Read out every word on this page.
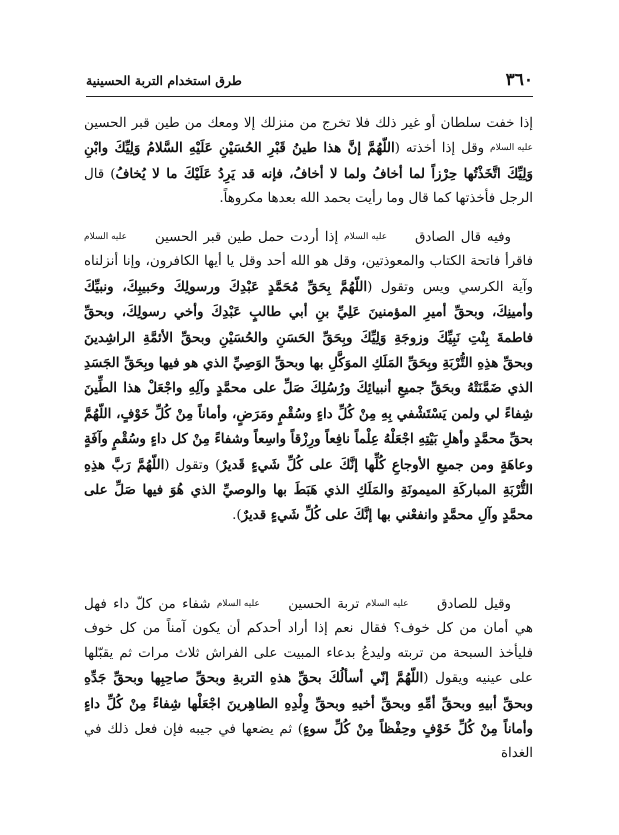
٣٦٠
طرق استخدام التربة الحسينية

إذا خفت سلطان أو غير ذلك فلا تخرج من منزلك إلا ومعك من طين قبر الحسين عليه السلام وقل إذا أخذته (اللّهُمَّ إنَّ هذا طينُ قَبْرِ الحُسَيْنِ عَلَيْهِ السَّلامُ وَلِيِّكَ وابْنِ وَلِيِّكَ اتَّخَذْتُها حِرْزاً لما أخافُ ولما لا أخافُ، فإنه قد يَرِدُ عَلَيْكَ ما لا يُخافُ) قال الرجل فأخذتها كما قال وما رأيت بحمد الله بعدها مكروهاً.

وفيه قال الصادق عليه السلام إذا أردت حمل طين قبر الحسين عليه السلام فاقرأ فاتحة الكتاب والمعوذتين، وقل هو الله أحد وقل يا أيها الكافرون، وإنا أنزلناه وآية الكرسي ويس وتقول (اللّهُمَّ بِحَقِّ مُحَمَّدٍ عَبْدِكَ ورسولِكَ وحَبيبِكَ، ونبيِّكَ وأمينِكَ، وبحقِّ أميرِ المؤمنينَ عَلِيِّ بنِ أبي طالبٍ عَبْدِكَ وأخي رسولِكَ، وبحقِّ فاطمةَ بِنْتِ نَبِيِّكَ وزوجَةِ وَلِيِّكَ وبِحَقِّ الحَسَنِ والحُسَيْنِ وبحقِّ الأئمَّةِ الراشِدينَ وبحقِّ هذِهِ التُّرْبَةِ وبِحَقِّ المَلَكِ الموَكَّلِ بها وبحقِّ الوَصِيِّ الذي هو فيها وبِحَقِّ الجَسَدِ الذي ضَمَّنَتْهُ وبحَقِّ جميعِ أنبيائِكَ ورُسُلِكَ صَلِّ على محمَّدٍ وآلِهِ واجْعَلْ هذا الطِّينَ شِفاءً لي ولمن يَسْتَشْفي بِهِ مِنْ كُلِّ داءٍ وسُقْمٍ ومَرَضٍ، وأماناً مِنْ كُلِّ خَوْفٍ، اللّهُمَّ بحقِّ محمَّدٍ وأهلِ بَيْتِهِ اجْعَلْهُ عِلْماً نافِعاً ورِزْقاً واسِعاً وشفاءً مِنْ كل داءٍ وسُقْمٍ وآفَةٍ وعاهَةٍ ومن جميعِ الأوجاعِ كُلِّها إنَّكَ على كُلِّ شَيءٍ قَديرٌ) وتقول (اللّهُمَّ رَبَّ هذِهِ التُّرْبَةِ المباركَةِ الميمونَةِ والمَلَكِ الذي هَبَطَ بها والوصيِّ الذي هُوَ فيها صَلِّ على محمَّدٍ وآلِ محمَّدٍ وانفعْني بها إنَّكَ على كُلِّ شَيءٍ قديرٌ).

وقيل للصادق عليه السلام تربة الحسين عليه السلام شفاء من كلّ داء فهل هي أمان من كل خوف؟ فقال نعم إذا أراد أحدكم أن يكون آمناً من كل خوف فليأخذ السبحة من تربته وليدعُ بدعاء المبيت على الفراش ثلاث مرات ثم يقبّلها على عينيه ويقول (اللّهُمَّ إنّي أسألُكَ بحقِّ هذهِ التربةِ وبحقِّ صاحِبِها وبحقِّ جَدِّهِ وبحقِّ أبيهِ وبحقِّ أمِّهِ وبحقِّ أخيهِ وبحقِّ وِلْدِهِ الطاهِرينَ اجْعَلْها شِفاءً مِنْ كُلِّ داءٍ وأماناً مِنْ كُلِّ خَوْفٍ وحِفْظاً مِنْ كُلِّ سوءٍ) ثم يضعها في جيبه فإن فعل ذلك في الغداة
